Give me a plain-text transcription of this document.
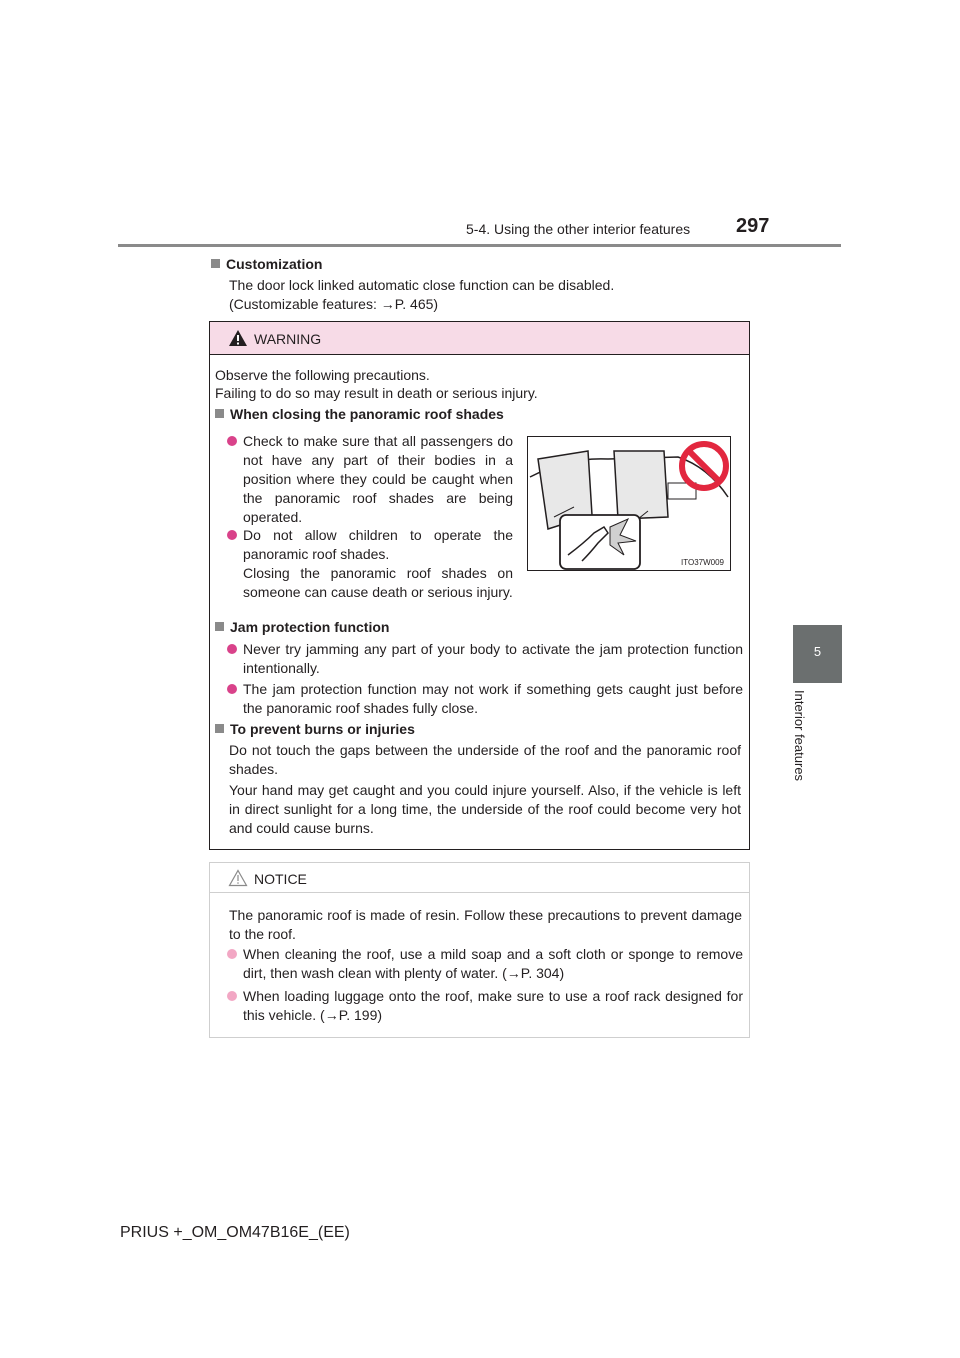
5-4. Using the other interior features 297
5
Interior features
Customization
The door lock linked automatic close function can be disabled.
(Customizable features: →P. 465)
WARNING
Observe the following precautions.
Failing to do so may result in death or serious injury.
When closing the panoramic roof shades
Check to make sure that all passengers do not have any part of their bodies in a position where they could be caught when the panoramic roof shades are being operated.
Do not allow children to operate the panoramic roof shades.
Closing the panoramic roof shades on someone can cause death or serious injury.
ITO37W009
Jam protection function
Never try jamming any part of your body to activate the jam protection function intentionally.
The jam protection function may not work if something gets caught just before the panoramic roof shades fully close.
To prevent burns or injuries
Do not touch the gaps between the underside of the roof and the panoramic roof shades.
Your hand may get caught and you could injure yourself. Also, if the vehicle is left in direct sunlight for a long time, the underside of the roof could become very hot and could cause burns.
NOTICE
The panoramic roof is made of resin. Follow these precautions to prevent damage to the roof.
When cleaning the roof, use a mild soap and a soft cloth or sponge to remove dirt, then wash clean with plenty of water. (→P. 304)
When loading luggage onto the roof, make sure to use a roof rack designed for this vehicle. (→P. 199)
PRIUS +_OM_OM47B16E_(EE)
